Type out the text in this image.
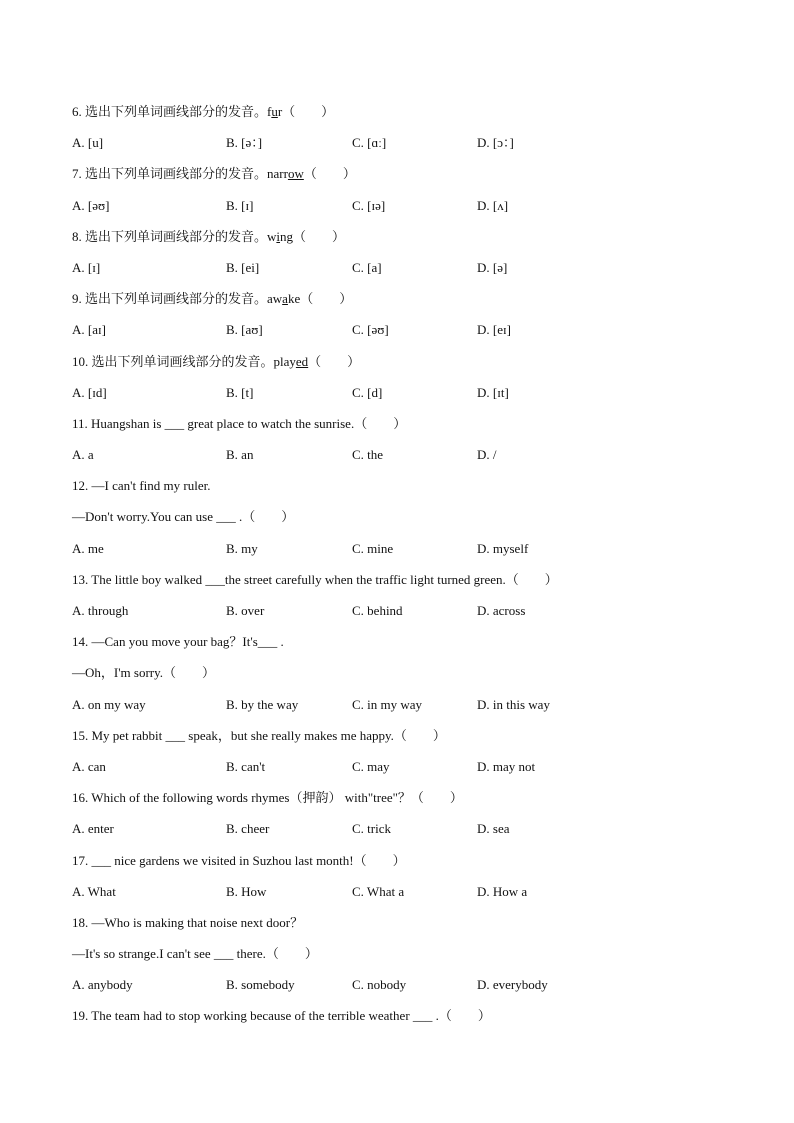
6. 选出下列单词画线部分的发音。fur（　　）
A. [u]	B. [ə：]	C. [ɑː]	D. [ɔ：]
7. 选出下列单词画线部分的发音。narrow（　　）
A. [əʊ]	B. [ɪ]	C. [ɪə]	D. [ʌ]
8. 选出下列单词画线部分的发音。wing（　　）
A. [ɪ]	B. [ei]	C. [a]	D. [ə]
9. 选出下列单词画线部分的发音。awake（　　）
A. [aɪ]	B. [aʊ]	C. [əʊ]	D. [eɪ]
10. 选出下列单词画线部分的发音。played（　　）
A. [ɪd]	B. [t]	C. [d]	D. [ɪt]
11. Huangshan is ___ great place to watch the sunrise.（　　）
A. a	B. an	C. the	D. /
12. —I can't find my ruler.
—Don't worry.You can use ___ .（　　）
A. me	B. my	C. mine	D. myself
13. The little boy walked ___the street carefully when the traffic light turned green.（　　）
A. through	B. over	C. behind	D. across
14. —Can you move your bag？It's___ .
—Oh，I'm sorry.（　　）
A. on my way	B. by the way	C. in my way	D. in this way
15. My pet rabbit ___ speak，but she really makes me happy.（　　）
A. can	B. can't	C. may	D. may not
16. Which of the following words rhymes（押韵） with"tree"？（　　）
A. enter	B. cheer	C. trick	D. sea
17. ___ nice gardens we visited in Suzhou last month!（　　）
A. What	B. How	C. What a	D. How a
18. —Who is making that noise next door？
—It's so strange.I can't see ___ there.（　　）
A. anybody	B. somebody	C. nobody	D. everybody
19. The team had to stop working because of the terrible weather ___ .（　　）
